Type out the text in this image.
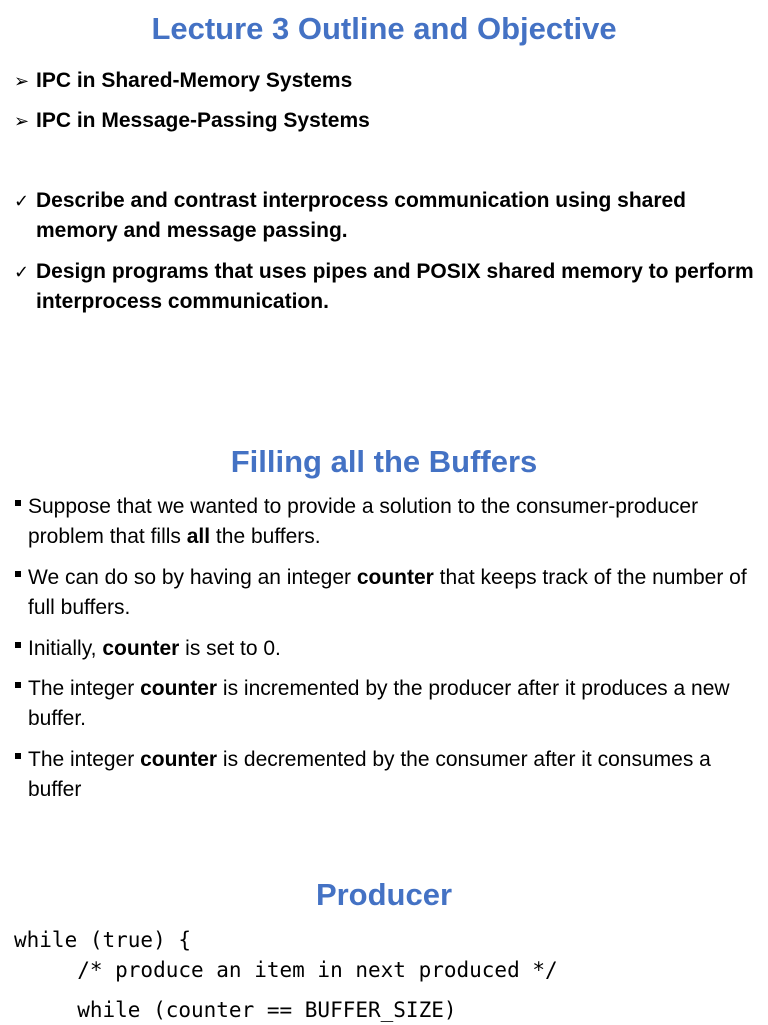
Lecture 3 Outline and Objective
➢ IPC in Shared-Memory Systems
➢ IPC in Message-Passing Systems
✓ Describe and contrast interprocess communication using shared memory and message passing.
✓ Design programs that uses pipes and POSIX shared memory to perform interprocess communication.
Filling all the Buffers
Suppose that we wanted to provide a solution to the consumer-producer problem that fills all the buffers.
We can do so by having an integer counter that keeps track of the number of full buffers.
Initially, counter is set to 0.
The integer counter is incremented by the producer after it produces a new buffer.
The integer counter is decremented by the consumer after it consumes a buffer
Producer
while (true) {
/* produce an item in next produced */
while (counter == BUFFER_SIZE)
